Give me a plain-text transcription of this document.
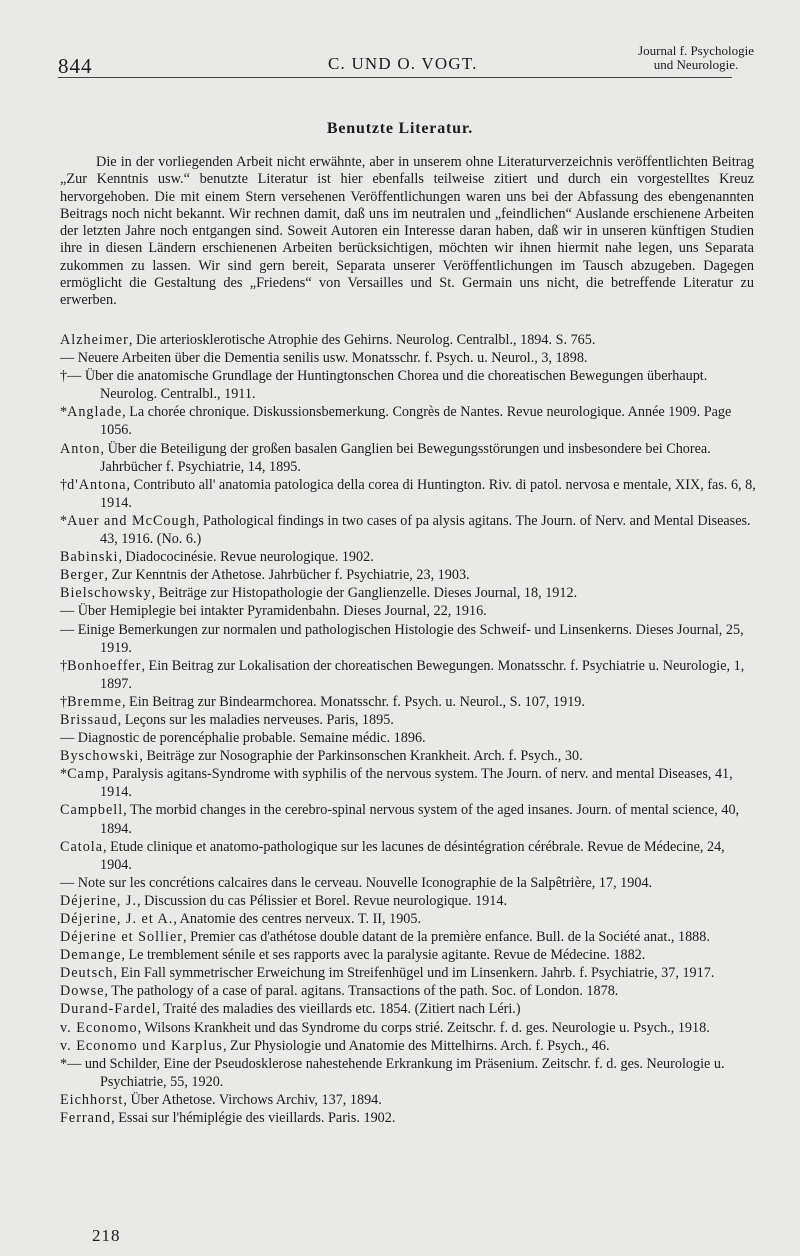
844	C. UND O. VOGT.
Journal f. Psychologie
und Neurologie.
Benutzte Literatur.

Die in der vorliegenden Arbeit nicht erwähnte, aber in unserem ohne Literaturverzeichnis veröffentlichten Beitrag „Zur Kenntnis usw.“ benutzte Literatur ist hier ebenfalls teilweise zitiert und durch ein vorgestelltes Kreuz hervorgehoben. Die mit einem Stern versehenen Veröffentlichungen waren uns bei der Abfassung des ebengenannten Beitrags noch nicht bekannt. Wir rechnen damit, daß uns im neutralen und „feindlichen“ Auslande erschienene Arbeiten der letzten Jahre noch entgangen sind. Soweit Autoren ein Interesse daran haben, daß wir in unseren künftigen Studien ihre in diesen Ländern erschienenen Arbeiten berücksichtigen, möchten wir ihnen hiermit nahe legen, uns Separata zukommen zu lassen. Wir sind gern bereit, Separata unserer Veröffentlichungen im Tausch abzugeben. Dagegen ermöglicht die Gestaltung des „Friedens“ von Versailles und St. Germain uns nicht, die betreffende Literatur zu erwerben.

Alzheimer, Die arteriosklerotische Atrophie des Gehirns. Neurolog. Centralbl., 1894. S. 765.
— Neuere Arbeiten über die Dementia senilis usw. Monatsschr. f. Psych. u. Neurol., 3, 1898.
†— Über die anatomische Grundlage der Huntingtonschen Chorea und die choreatischen Bewegungen überhaupt. Neurolog. Centralbl., 1911.
*Anglade, La chorée chronique. Diskussionsbemerkung. Congrès de Nantes. Revue neurologique. Année 1909. Page 1056.
Anton, Über die Beteiligung der großen basalen Ganglien bei Bewegungsstörungen und insbesondere bei Chorea. Jahrbücher f. Psychiatrie, 14, 1895.
†d'Antona, Contributo all' anatomia patologica della corea di Huntington. Riv. di patol. nervosa e mentale, XIX, fas. 6, 8, 1914.
*Auer and McCough, Pathological findings in two cases of pa alysis agitans. The Journ. of Nerv. and Mental Diseases. 43, 1916. (No. 6.)
Babinski, Diadococinésie. Revue neurologique. 1902.
Berger, Zur Kenntnis der Athetose. Jahrbücher f. Psychiatrie, 23, 1903.
Bielschowsky, Beiträge zur Histopathologie der Ganglienzelle. Dieses Journal, 18, 1912.
— Über Hemiplegie bei intakter Pyramidenbahn. Dieses Journal, 22, 1916.
— Einige Bemerkungen zur normalen und pathologischen Histologie des Schweif- und Linsenkerns. Dieses Journal, 25, 1919.
†Bonhoeffer, Ein Beitrag zur Lokalisation der choreatischen Bewegungen. Monatsschr. f. Psychiatrie u. Neurologie, 1, 1897.
†Bremme, Ein Beitrag zur Bindearmchorea. Monatsschr. f. Psych. u. Neurol., S. 107, 1919.
Brissaud, Leçons sur les maladies nerveuses. Paris, 1895.
— Diagnostic de porencéphalie probable. Semaine médic. 1896.
Byschowski, Beiträge zur Nosographie der Parkinsonschen Krankheit. Arch. f. Psych., 30.
*Camp, Paralysis agitans-Syndrome with syphilis of the nervous system. The Journ. of nerv. and mental Diseases, 41, 1914.
Campbell, The morbid changes in the cerebro-spinal nervous system of the aged insanes. Journ. of mental science, 40, 1894.
Catola, Etude clinique et anatomo-pathologique sur les lacunes de désintégration cérébrale. Revue de Médecine, 24, 1904.
— Note sur les concrétions calcaires dans le cerveau. Nouvelle Iconographie de la Salpêtrière, 17, 1904.
Déjerine, J., Discussion du cas Pélissier et Borel. Revue neurologique. 1914.
Déjerine, J. et A., Anatomie des centres nerveux. T. II, 1905.
Déjerine et Sollier, Premier cas d'athétose double datant de la première enfance. Bull. de la Société anat., 1888.
Demange, Le tremblement sénile et ses rapports avec la paralysie agitante. Revue de Médecine. 1882.
Deutsch, Ein Fall symmetrischer Erweichung im Streifenhügel und im Linsenkern. Jahrb. f. Psychiatrie, 37, 1917.
Dowse, The pathology of a case of paral. agitans. Transactions of the path. Soc. of London. 1878.
Durand-Fardel, Traité des maladies des vieillards etc. 1854. (Zitiert nach Léri.)
v. Economo, Wilsons Krankheit und das Syndrome du corps strié. Zeitschr. f. d. ges. Neurologie u. Psych., 1918.
v. Economo und Karplus, Zur Physiologie und Anatomie des Mittelhirns. Arch. f. Psych., 46.
*— und Schilder, Eine der Pseudosklerose nahestehende Erkrankung im Präsenium. Zeitschr. f. d. ges. Neurologie u. Psychiatrie, 55, 1920.
Eichhorst, Über Athetose. Virchows Archiv, 137, 1894.
Ferrand, Essai sur l'hémiplégie des vieillards. Paris. 1902.
218
